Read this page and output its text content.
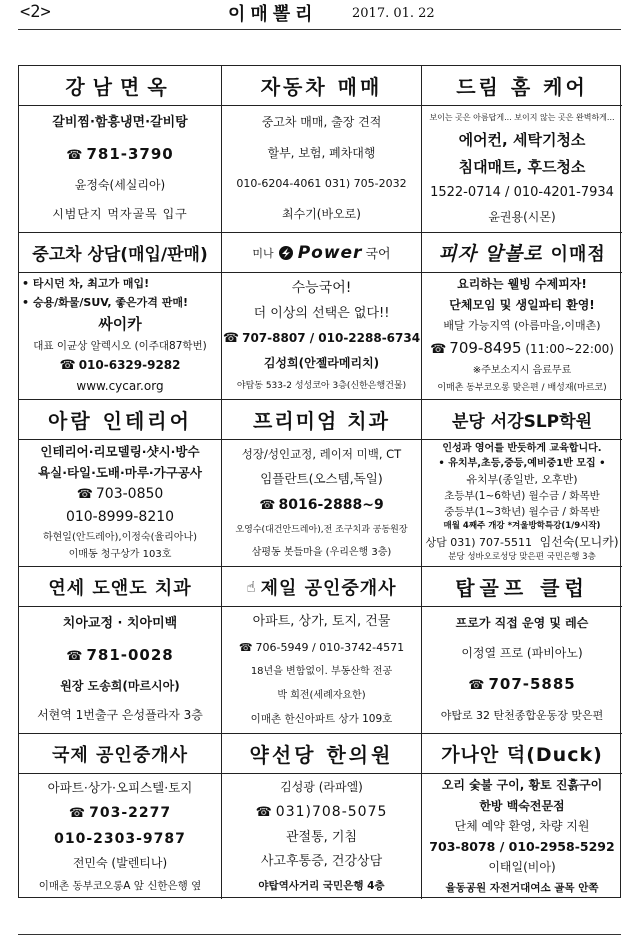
<2>	이매뽈리	2017. 01. 22
강남면옥
갈비찜·함흥냉면·갈비탕
☎ 781-3790
윤정숙(세실리아)
시범단지 먹자골목 입구
자동차 매매
중고차 매매, 출장 견적
할부, 보험, 폐차대행
010-6204-4061 031) 705-2032
최수기(바오로)
드림 홈 케어
보이는 곳은 아름답게... 보이지 않는 곳은 완벽하게...
에어컨, 세탁기청소
침대매트, 후드청소
1522-0714 / 010-4201-7934
윤권용(시몬)
중고차 상담(매입/판매)
• 타시던 차, 최고가 매입!
• 승용/화물/SUV, 좋은가격 판매!
싸이카
대표 이균상 알렉시오 (이주대87학번)
☎ 010-6329-9282
www.cycar.org
미나 Power 국어
수능국어!
더 이상의 선택은 없다!!
☎ 707-8807 / 010-2288-6734
김성희(안젤라메리치)
야탑동 533-2 성성코아 3층(신한은행건물)
피자 알볼로
이매점
요리하는 웰빙 수제피자!
단체모임 및 생일파티 환영!
배달 가능지역 (아름마을,이매촌)
☎ 709-8495 (11:00~22:00)
※주보소지시 음료무료
이매촌 동부코오롱 맞은편 / 배성재(마르코)
아람 인테리어
인테리어·리모델링·샷시·방수
욕실·타일·도배·마루·가구공사
☎ 703-0850
010-8999-8210
하현일(안드레아),이정숙(율리아나)
이매동 청구상가 103호
프리미엄 치과
성장/성인교정, 레이저 미백, CT
임플란트(오스템,독일)
☎ 8016-2888~9
오영수(대건안드레아),전 조구치과 공동원장
삼평동 봇들마을 (우리은행 3층)
분당 서강SLP학원
인성과 영어를 반듯하게 교육합니다.
• 유치부,초등,중등,예비중1반 모집 •
유치부(종일반, 오후반)
초등부(1~6학년) 월수금 / 화목반
중등부(1~3학년) 월수금 / 화목반
매월 4째주 개강 *겨울방학특강(1/9시작)
상담 031) 707-5511 임선숙(모니카)
분당 성바오로성당 맞은편 국민은행 3층
연세 도앤도 치과
치아교정 · 치아미백
☎ 781-0028
원장 도송희(마르시아)
서현역 1번출구 은성플라자 3층
☝ 제일 공인중개사
아파트, 상가, 토지, 건물
☎ 706-5949 / 010-3742-4571
18년을 변함없이. 부동산학 전공
박 희전(세례자요한)
이매촌 한신아파트 상가 109호
탑골프 클럽
프로가 직접 운영 및 레슨
이정열 프로 (파비아노)
☎ 707-5885
야탑로 32 탄천종합운동장 맞은편
국제 공인중개사
아파트·상가·오피스텔·토지
☎ 703-2277
010-2303-9787
전민숙 (발렌티나)
이매촌 동부코오롱A 앞 신한은행 옆
약선당 한의원
김성광 (라파엘)
☎ 031)708-5075
관절통, 기침
사고후통증, 건강상담
야탑역사거리 국민은행 4층
가나안 덕(Duck)
오리 숯불 구이, 황토 진흙구이
한방 백숙전문점
단체 예약 환영, 차량 지원
703-8078 / 010-2958-5292
이태일(비아)
율동공원 자전거대여소 골목 안쪽
